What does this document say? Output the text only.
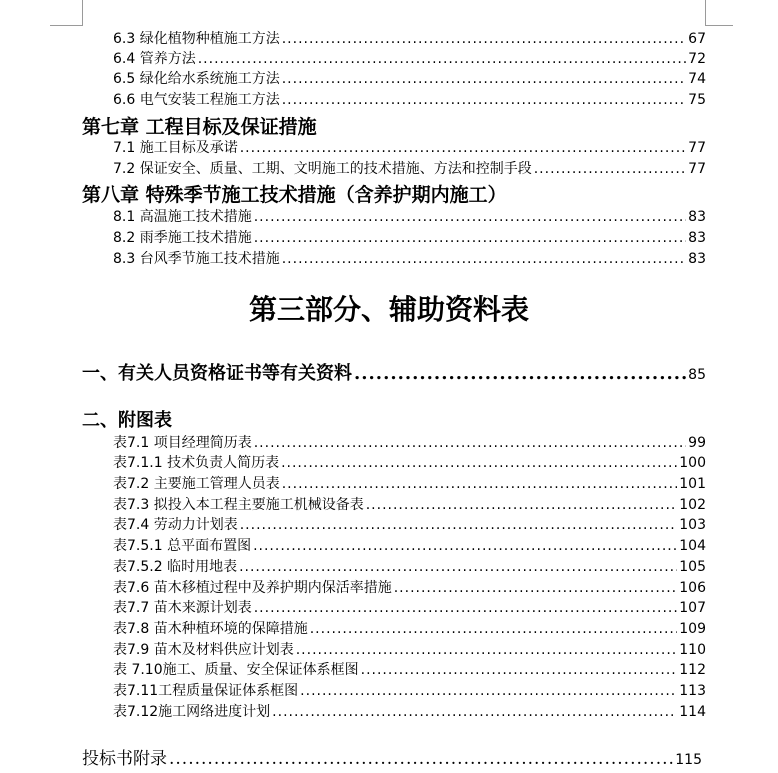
6.3 绿化植物种植施工方法 .....	67
6.4 管养方法 .....	72
6.5 绿化给水系统施工方法 .....	74
6.6 电气安装工程施工方法 .....	75
第七章 工程目标及保证措施
7.1 施工目标及承诺 .....	77
7.2 保证安全、质量、工期、文明施工的技术措施、方法和控制手段 .....	77
第八章 特殊季节施工技术措施（含养护期内施工）
8.1 高温施工技术措施 .....	83
8.2 雨季施工技术措施 .....	83
8.3 台风季节施工技术措施 .....	83
第三部分、辅助资料表
一、有关人员资格证书等有关资料 .....	85
二、附图表
表7.1 项目经理简历表 .....	99
表7.1.1 技术负责人简历表 .....	100
表7.2 主要施工管理人员表 .....	101
表7.3 拟投入本工程主要施工机械设备表 .....	102
表7.4 劳动力计划表 .....	103
表7.5.1 总平面布置图 .....	104
表7.5.2 临时用地表 .....	105
表7.6 苗木移植过程中及养护期内保活率措施 .....	106
表7.7 苗木来源计划表 .....	107
表7.8 苗木种植环境的保障措施 .....	109
表7.9 苗木及材料供应计划表 .....	110
表 7.10施工、质量、安全保证体系框图 .....	112
表7.11工程质量保证体系框图 .....	113
表7.12施工网络进度计划 .....	114
投标书附录 .....	115
